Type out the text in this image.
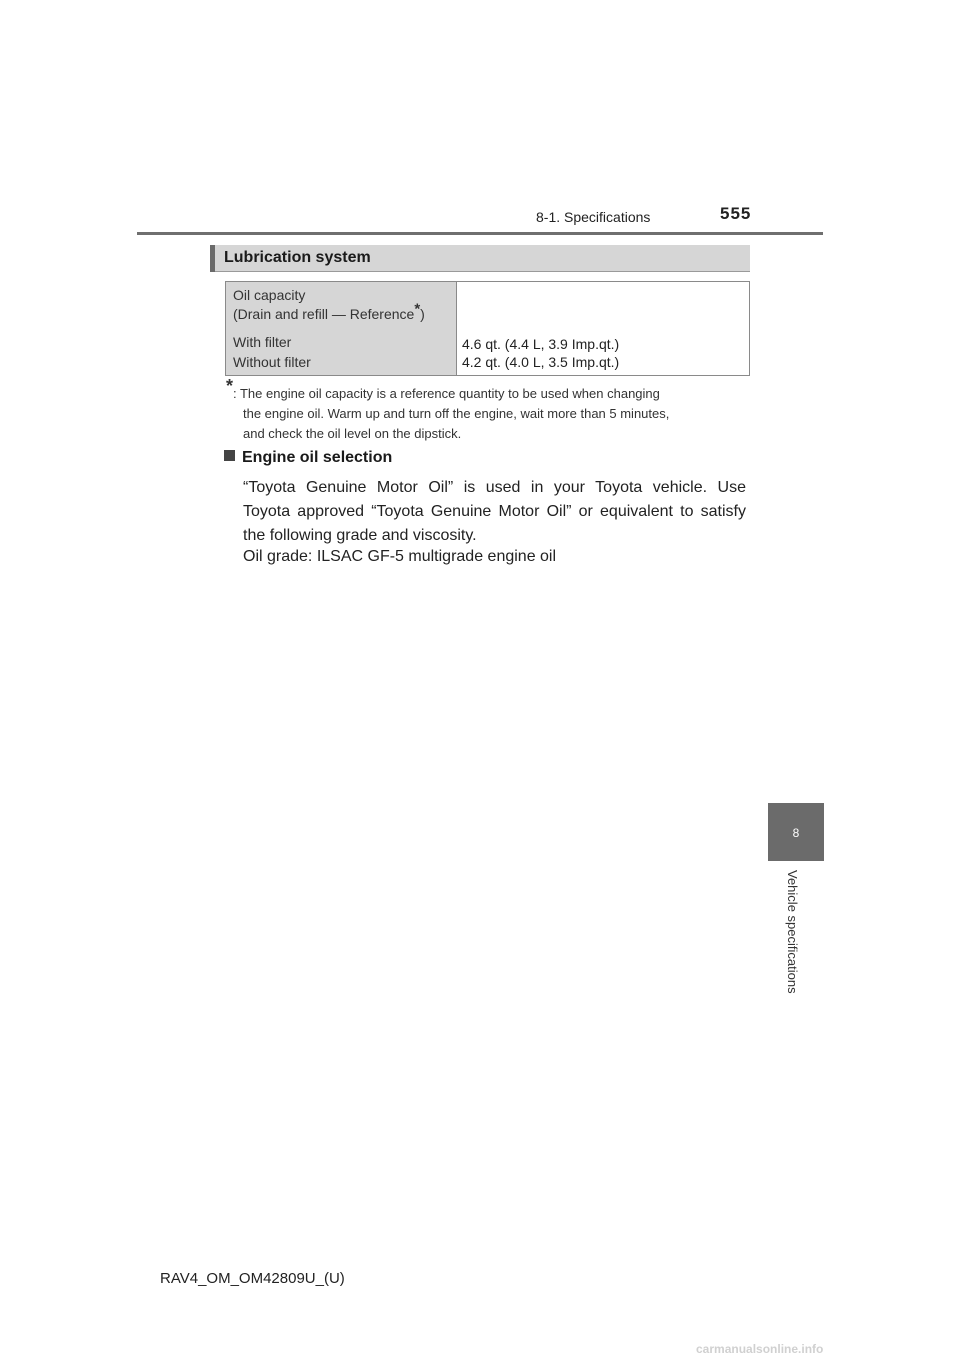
8-1. Specifications	555
Lubrication system
Oil capacity
(Drain and refill — Reference*)
With filter
Without filter
4.6 qt. (4.4 L, 3.9 Imp.qt.)
4.2 qt. (4.0 L, 3.5 Imp.qt.)
* : The engine oil capacity is a reference quantity to be used when changing
the engine oil. Warm up and turn off the engine, wait more than 5 minutes,
and check the oil level on the dipstick.
Engine oil selection
“Toyota Genuine Motor Oil” is used in your Toyota vehicle. Use
Toyota approved “Toyota Genuine Motor Oil” or equivalent to satisfy
the following grade and viscosity.
Oil grade: ILSAC GF-5 multigrade engine oil
8
Vehicle specifications
RAV4_OM_OM42809U_(U)
carmanualsonline.info
